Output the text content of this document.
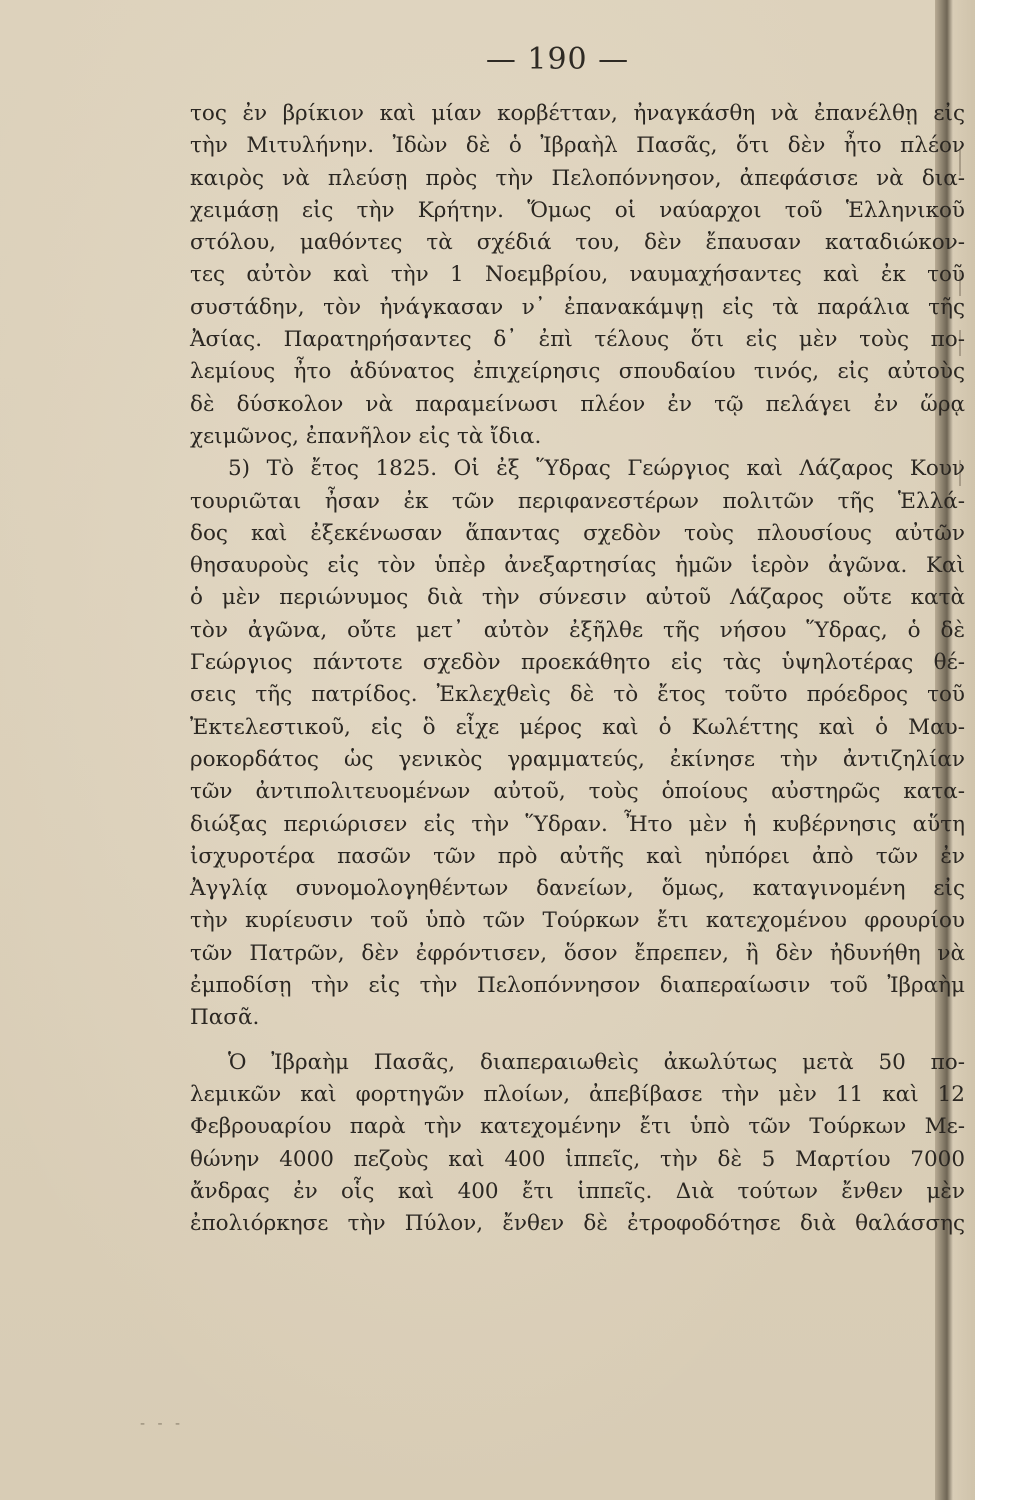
— 190 —
τος ἐν βρίκιον καὶ μίαν κορβέτταν, ἠναγκάσθη νὰ ἐπανέλθῃ εἰς
τὴν Μιτυλήνην. Ἰδὼν δὲ ὁ Ἰβραὴλ Πασᾶς, ὅτι δὲν ἦτο πλέον
καιρὸς νὰ πλεύσῃ πρὸς τὴν Πελοπόννησον, ἀπεφάσισε νὰ δια-
χειμάσῃ εἰς τὴν Κρήτην. Ὅμως οἱ ναύαρχοι τοῦ Ἑλληνικοῦ
στόλου, μαθόντες τὰ σχέδιά του, δὲν ἔπαυσαν καταδιώκον-
τες αὐτὸν καὶ τὴν 1 Νοεμβρίου, ναυμαχήσαντες καὶ ἐκ τοῦ
συστάδην, τὸν ἠνάγκασαν ν᾽ ἐπανακάμψῃ εἰς τὰ παράλια τῆς
Ἀσίας. Παρατηρήσαντες δ᾽ ἐπὶ τέλους ὅτι εἰς μὲν τοὺς πο-
λεμίους ἦτο ἀδύνατος ἐπιχείρησις σπουδαίου τινός, εἰς αὐτοὺς
δὲ δύσκολον νὰ παραμείνωσι πλέον ἐν τῷ πελάγει ἐν ὥρᾳ
χειμῶνος, ἐπανῆλον εἰς τὰ ἴδια.
5) Τὸ ἔτος 1825. Οἱ ἐξ Ὕδρας Γεώργιος καὶ Λάζαρος Κουν
τουριῶται ἦσαν ἐκ τῶν περιφανεστέρων πολιτῶν τῆς Ἑλλά-
δος καὶ ἐξεκένωσαν ἅπαντας σχεδὸν τοὺς πλουσίους αὐτῶν
θησαυροὺς εἰς τὸν ὑπὲρ ἀνεξαρτησίας ἡμῶν ἱερὸν ἀγῶνα. Καὶ
ὁ μὲν περιώνυμος διὰ τὴν σύνεσιν αὐτοῦ Λάζαρος οὔτε κατὰ
τὸν ἀγῶνα, οὔτε μετ᾽ αὐτὸν ἐξῆλθε τῆς νήσου Ὕδρας, ὁ δὲ
Γεώργιος πάντοτε σχεδὸν προεκάθητο εἰς τὰς ὑψηλοτέρας θέ-
σεις τῆς πατρίδος. Ἐκλεχθεὶς δὲ τὸ ἔτος τοῦτο πρόεδρος τοῦ
Ἐκτελεστικοῦ, εἰς ὃ εἶχε μέρος καὶ ὁ Κωλέττης καὶ ὁ Μαυ-
ροκορδάτος ὡς γενικὸς γραμματεύς, ἐκίνησε τὴν ἀντιζηλίαν
τῶν ἀντιπολιτευομένων αὐτοῦ, τοὺς ὁποίους αὐστηρῶς κατα-
διώξας περιώρισεν εἰς τὴν Ὕδραν. Ἦτο μὲν ἡ κυβέρνησις αὕτη
ἰσχυροτέρα πασῶν τῶν πρὸ αὐτῆς καὶ ηὐπόρει ἀπὸ τῶν ἐν
Ἀγγλίᾳ συνομολογηθέντων δανείων, ὅμως, καταγινομένη εἰς
τὴν κυρίευσιν τοῦ ὑπὸ τῶν Τούρκων ἔτι κατεχομένου φρουρίου
τῶν Πατρῶν, δὲν ἐφρόντισεν, ὅσον ἔπρεπεν, ἢ δὲν ἠδυνήθη νὰ
ἐμποδίσῃ τὴν εἰς τὴν Πελοπόννησον διαπεραίωσιν τοῦ Ἰβραὴμ
Πασᾶ.
Ὁ Ἰβραὴμ Πασᾶς, διαπεραιωθεὶς ἀκωλύτως μετὰ 50 πο-
λεμικῶν καὶ φορτηγῶν πλοίων, ἀπεβίβασε τὴν μὲν 11 καὶ 12
Φεβρουαρίου παρὰ τὴν κατεχομένην ἔτι ὑπὸ τῶν Τούρκων Με-
θώνην 4000 πεζοὺς καὶ 400 ἱππεῖς, τὴν δὲ 5 Μαρτίου 7000
ἄνδρας ἐν οἷς καὶ 400 ἔτι ἱππεῖς. Διὰ τούτων ἔνθεν μὲν
ἐπολιόρκησε τὴν Πύλον, ἔνθεν δὲ ἐτροφοδότησε διὰ θαλάσσης
- - -
